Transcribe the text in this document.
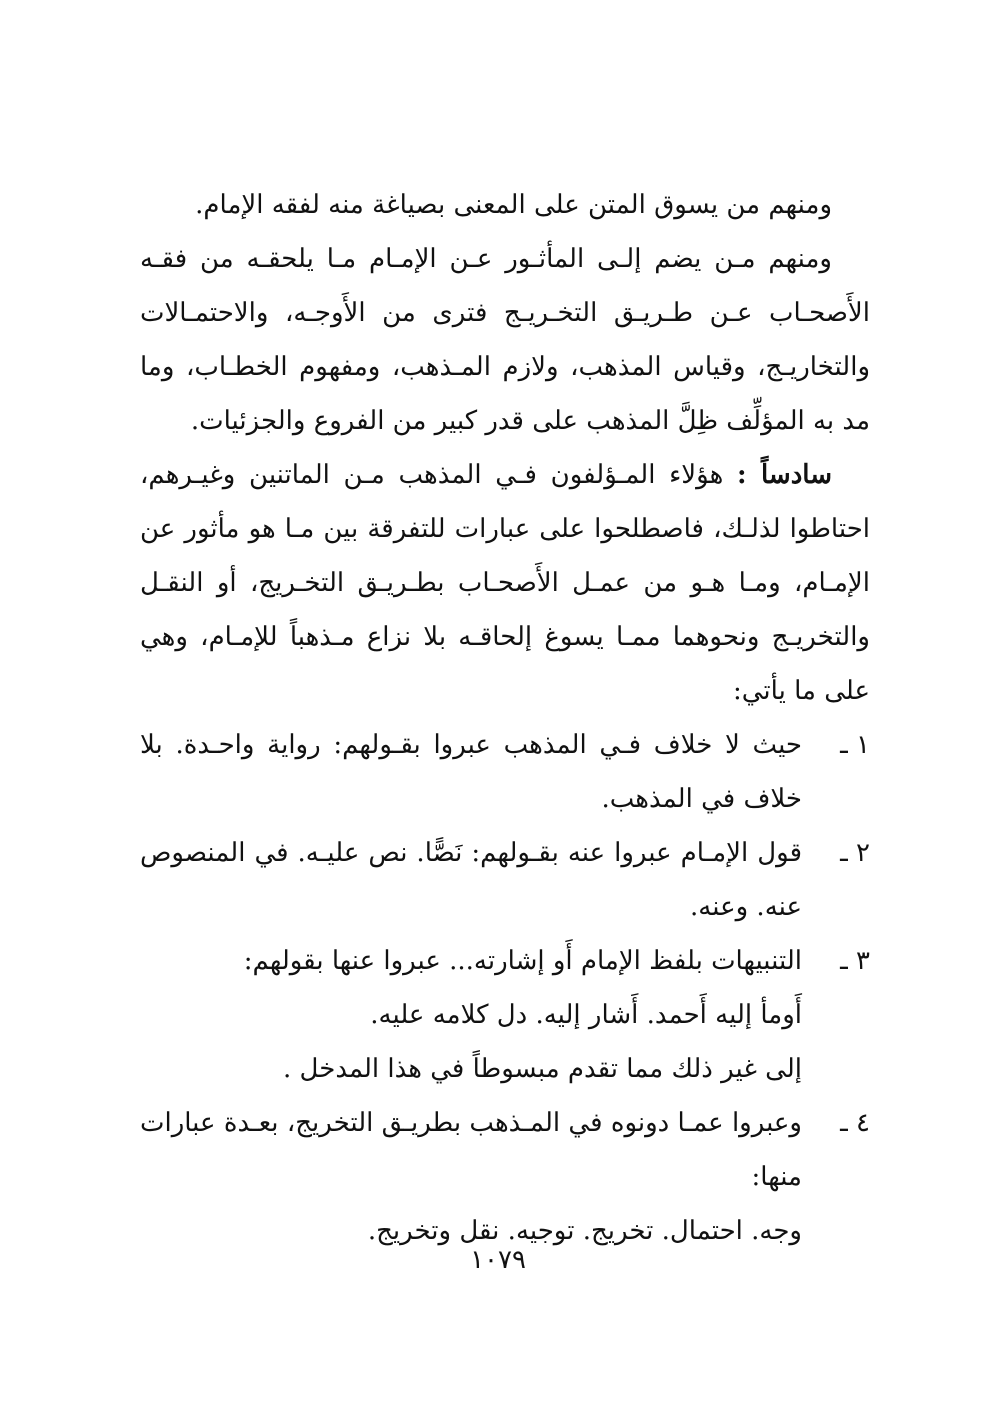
ومنهم من يسوق المتن على المعنى بصياغة منه لفقه الإمام.

ومنهم مـن يضم إلـى المأثـور عـن الإمـام مـا يلحقـه من فقـه الأَصحـاب عـن طـريـق التخـريـج فترى من الأَوجـه، والاحتمـالات والتخاريـج، وقياس المذهب، ولازم المـذهب، ومفهوم الخطـاب، وما مد به المؤلِّف ظِلَّ المذهب على قدر كبير من الفروع والجزئيات.

سادساً : هؤلاء المـؤلفون فـي المذهب مـن الماتنين وغيـرهم، احتاطوا لذلـك، فاصطلحوا على عبارات للتفرقة بين مـا هو مأثور عن الإمـام، ومـا هـو من عمـل الأَصحـاب بطـريـق التخـريج، أو النقـل والتخريـج ونحوهما ممـا يسوغ إلحاقـه بلا نزاع مـذهباً للإمـام، وهي على ما يأتي:

١ ـ
حيث لا خلاف فـي المذهب عبروا بقـولهم: رواية واحـدة. بلا خلاف في المذهب.

٢ ـ
قول الإمـام عبروا عنه بقـولهم: نَصًّا. نص عليـه. في المنصوص عنه. وعنه.

٣ ـ
التنبيهات بلفظ الإمام أَو إشارته... عبروا عنها بقولهم:

أَومأ إليه أَحمد. أَشار إليه. دل كلامه عليه.

إلى غير ذلك مما تقدم مبسوطاً في هذا المدخل .

٤ ـ
وعبروا عمـا دونوه في المـذهب بطريـق التخريج، بعـدة عبارات منها:

وجه. احتمال. تخريج. توجيه. نقل وتخريج.

١٠٧٩
